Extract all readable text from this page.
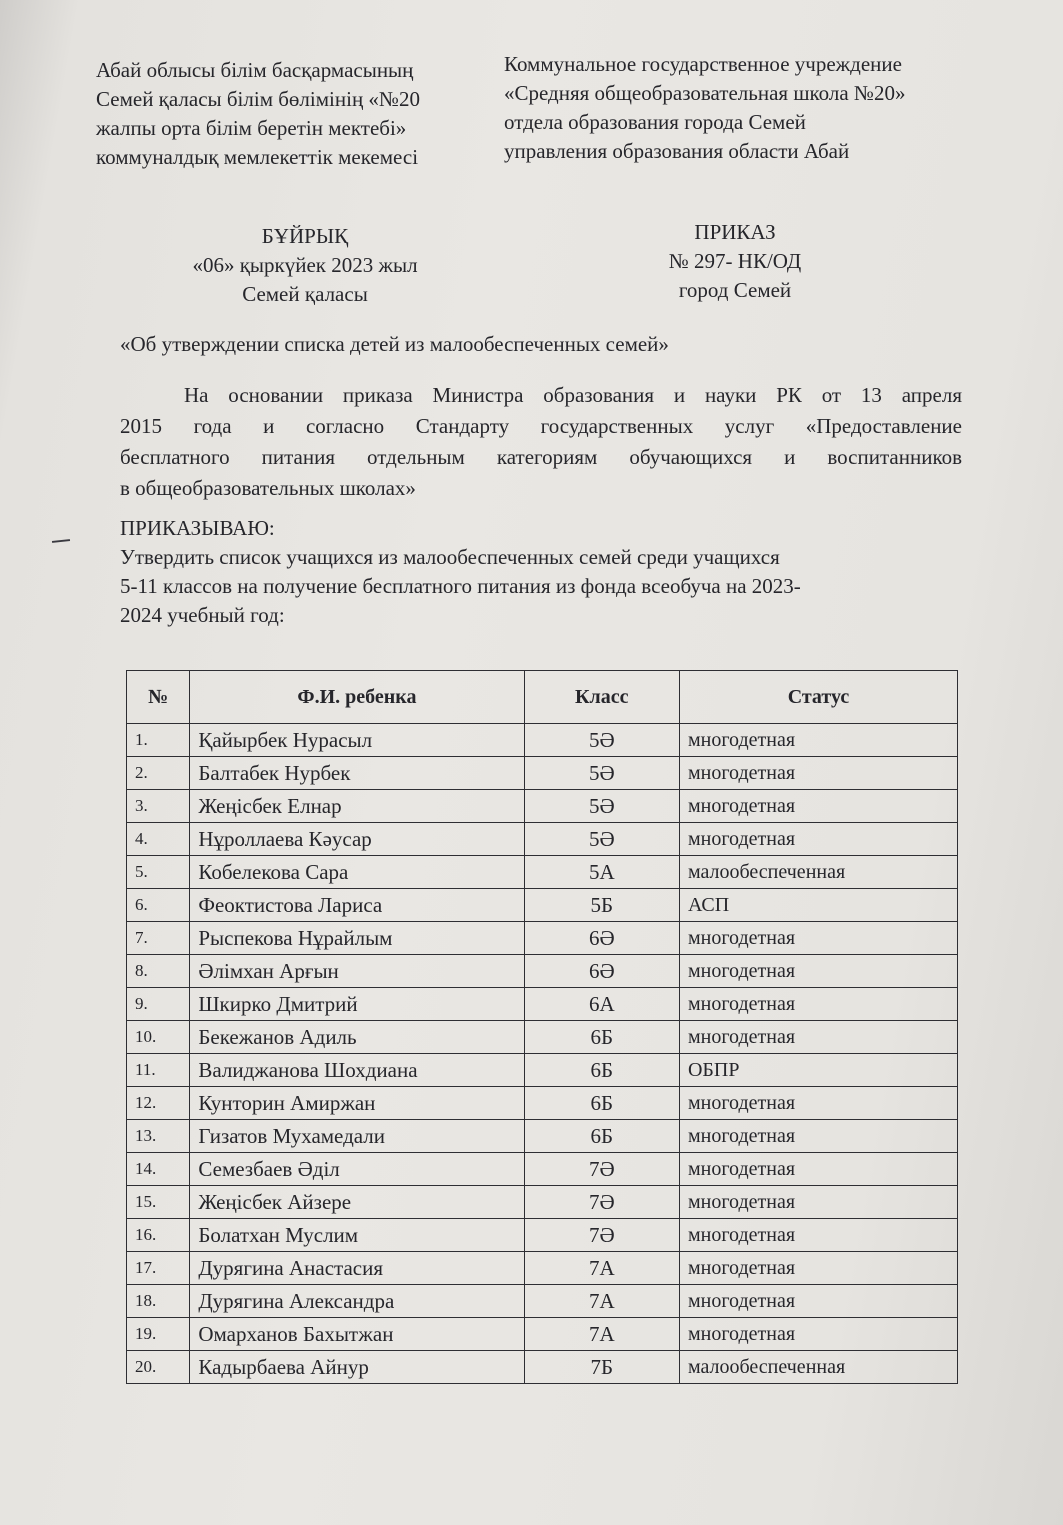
Абай облысы білім басқармасының
Семей қаласы білім бөлімінің «№20
жалпы орта білім беретін мектебі»
коммуналдық мемлекеттік мекемесі
Коммунальное государственное учреждение
«Средняя общеобразовательная школа №20»
отдела образования города Семей
управления образования области Абай
БҰЙРЫҚ
«06» қыркүйек 2023 жыл
Семей қаласы
ПРИКАЗ
№ 297- НК/ОД
город Семей
«Об утверждении списка детей из малообеспеченных семей»
На основании приказа Министра образования и науки РК от 13 апреля
2015 года и согласно Стандарту государственных услуг «Предоставление
бесплатного питания отдельным категориям обучающихся и воспитанников
в общеобразовательных школах»
ПРИКАЗЫВАЮ:
Утвердить список учащихся из малообеспеченных семей среди учащихся
5-11 классов на получение бесплатного питания из фонда всеобуча на 2023-
2024 учебный год:
№	Ф.И. ребенка	Класс	Статус
1.	Қайырбек Нурасыл	5Ә	многодетная
2.	Балтабек Нурбек	5Ә	многодетная
3.	Жеңісбек Елнар	5Ә	многодетная
4.	Нұроллаева Кәусар	5Ә	многодетная
5.	Кобелекова Сара	5А	малообеспеченная
6.	Феоктистова Лариса	5Б	АСП
7.	Рыспекова Нұрайлым	6Ә	многодетная
8.	Әлімхан Арғын	6Ә	многодетная
9.	Шкирко Дмитрий	6А	многодетная
10.	Бекежанов Адиль	6Б	многодетная
11.	Валиджанова Шохдиана	6Б	ОБПР
12.	Кунторин Амиржан	6Б	многодетная
13.	Гизатов Мухамедали	6Б	многодетная
14.	Семезбаев Әділ	7Ә	многодетная
15.	Жеңісбек Айзере	7Ә	многодетная
16.	Болатхан Муслим	7Ә	многодетная
17.	Дурягина Анастасия	7А	многодетная
18.	Дурягина Александра	7А	многодетная
19.	Омарханов Бахытжан	7А	многодетная
20.	Кадырбаева Айнур	7Б	малообеспеченная
